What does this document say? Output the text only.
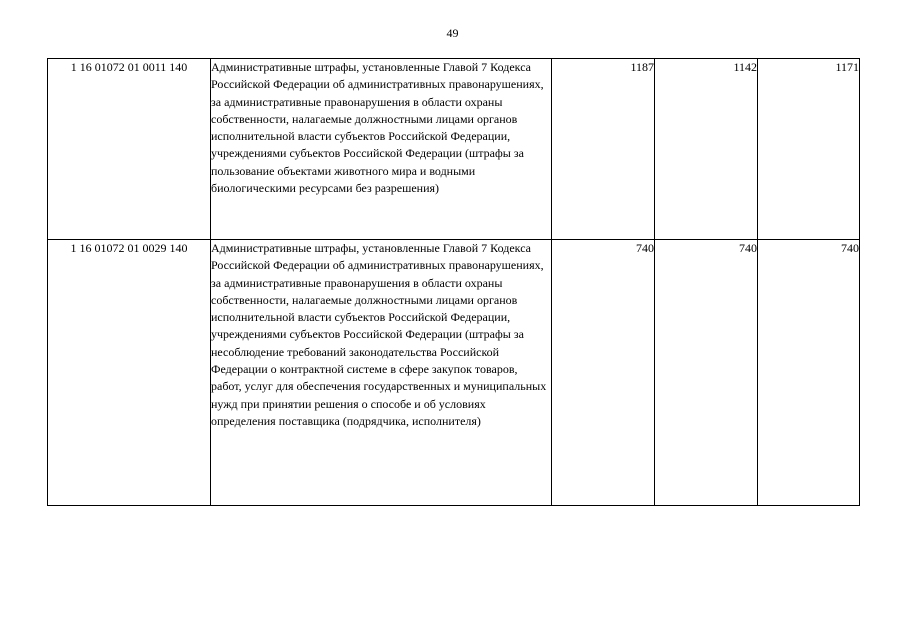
49
1 16 01072 01 0011 140	Административные штрафы, установленные Главой 7 Кодекса Российской Федерации об административных правонарушениях, за административные правонарушения в области охраны собственности, налагаемые должностными лицами органов исполнительной власти субъектов Российской Федерации, учреждениями субъектов Российской Федерации (штрафы за пользование объектами животного мира и водными биологическими ресурсами без разрешения)	1187	1142	1171
1 16 01072 01 0029 140	Административные штрафы, установленные Главой 7 Кодекса Российской Федерации об административных правонарушениях, за административные правонарушения в области охраны собственности, налагаемые должностными лицами органов исполнительной власти субъектов Российской Федерации, учреждениями субъектов Российской Федерации (штрафы за несоблюдение требований законодательства Российской Федерации о контрактной системе в сфере закупок товаров, работ, услуг для обеспечения государственных и муниципальных нужд при принятии решения о способе и об условиях определения поставщика (подрядчика, исполнителя)	740	740	740
